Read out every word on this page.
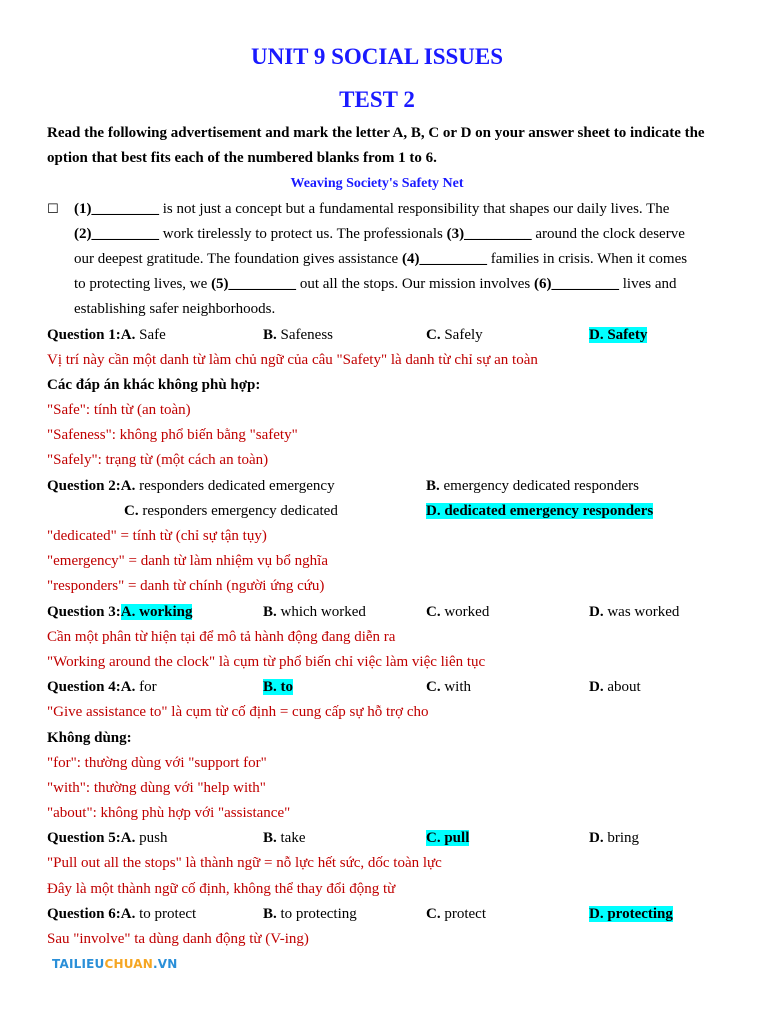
UNIT 9 SOCIAL ISSUES
TEST 2
Read the following advertisement and mark the letter A, B, C or D on your answer sheet to indicate the option that best fits each of the numbered blanks from 1 to 6.
Weaving Society's Safety Net
☐ (1)_________ is not just a concept but a fundamental responsibility that shapes our daily lives. The
(2)_________ work tirelessly to protect us. The professionals (3)_________ around the clock deserve
our deepest gratitude. The foundation gives assistance (4)_________ families in crisis. When it comes
to protecting lives, we (5)_________ out all the stops. Our mission involves (6)_________ lives and
establishing safer neighborhoods.
Question 1:A. Safe	B. Safeness	C. Safely	D. Safety
Vị trí này cần một danh từ làm chủ ngữ của câu "Safety" là danh từ chỉ sự an toàn
Các đáp án khác không phù hợp:
"Safe": tính từ (an toàn)
"Safeness": không phổ biến bằng "safety"
"Safely": trạng từ (một cách an toàn)
Question 2:A. responders dedicated emergency	B. emergency dedicated responders
C. responders emergency dedicated	D. dedicated emergency responders
"dedicated" = tính từ (chỉ sự tận tụy)
"emergency" = danh từ làm nhiệm vụ bổ nghĩa
"responders" = danh từ chính (người ứng cứu)
Question 3:A. working	B. which worked	C. worked	D. was worked
Cần một phân từ hiện tại để mô tả hành động đang diễn ra
"Working around the clock" là cụm từ phổ biến chỉ việc làm việc liên tục
Question 4:A. for	B. to	C. with	D. about
"Give assistance to" là cụm từ cố định = cung cấp sự hỗ trợ cho
Không dùng:
"for": thường dùng với "support for"
"with": thường dùng với "help with"
"about": không phù hợp với "assistance"
Question 5:A. push	B. take	C. pull	D. bring
"Pull out all the stops" là thành ngữ = nỗ lực hết sức, dốc toàn lực
Đây là một thành ngữ cố định, không thể thay đổi động từ
Question 6:A. to protect	B. to protecting	C. protect	D. protecting
Sau "involve" ta dùng danh động từ (V-ing)
TAILIEUCHUAN.VN
